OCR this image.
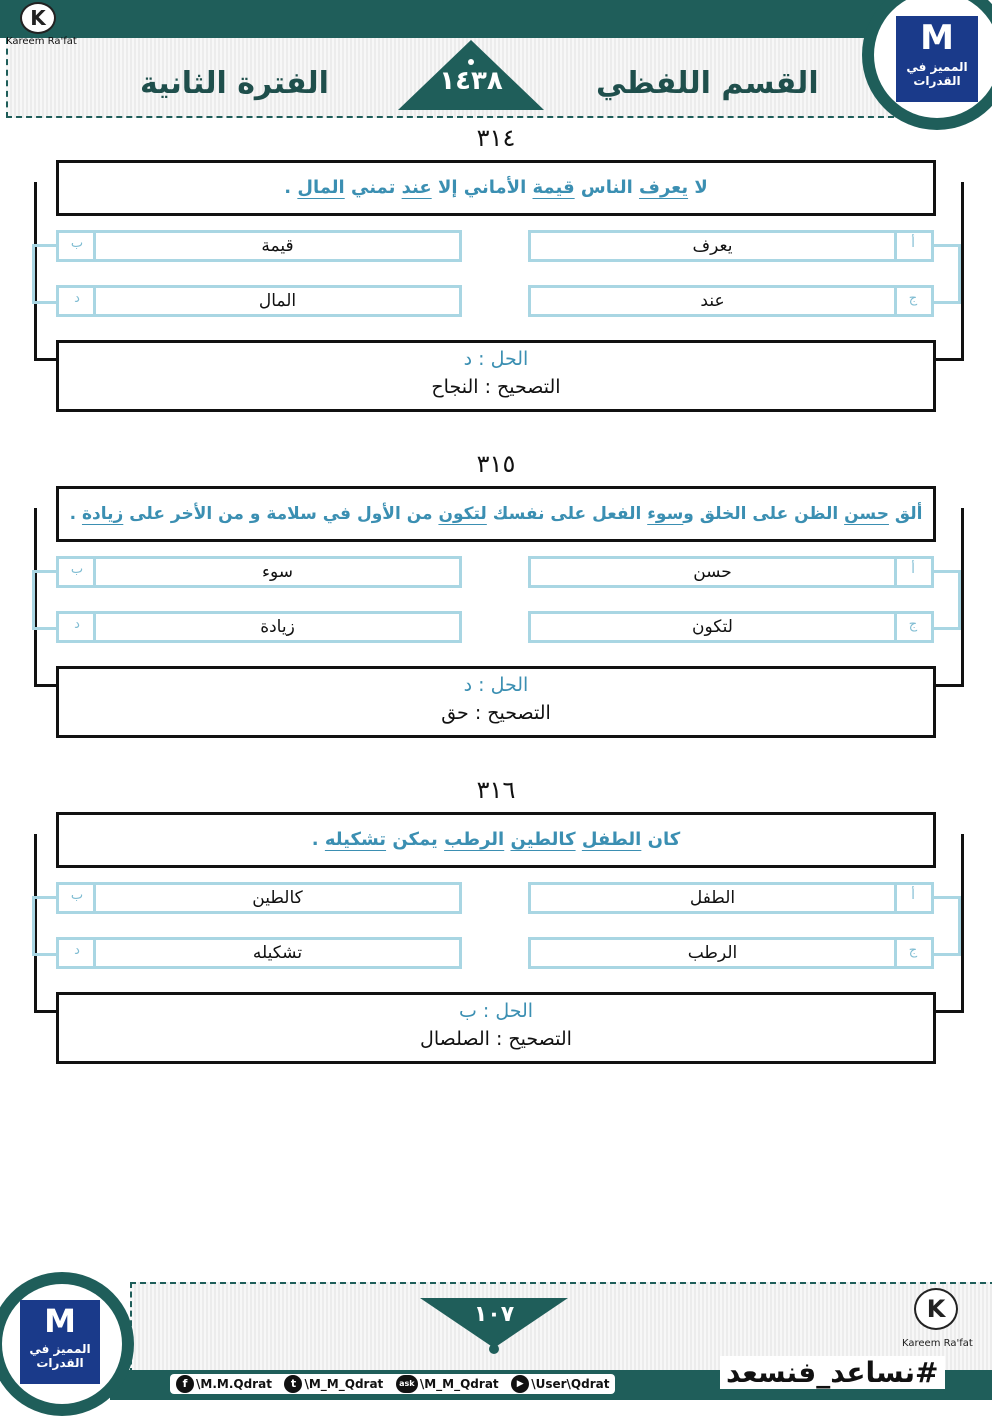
K
Kareem Ra'fat
الفترة الثانية	١٤٣٨	القسم اللفظي
M
المميز في القدرات
٣١٤
لا يعرف الناس قيمة الأماني إلا عند تمني المال .
ب	قيمة	يعرف	أ
د	المال	عند	ج
الحل : د
التصحيح : النجاح
٣١٥
ألق حسن الظن على الخلق وسوء الفعل على نفسك لتكون من الأول في سلامة و من الأخر على زيادة .
ب	سوء	حسن	أ
د	زيادة	لتكون	ج
الحل : د
التصحيح : حق
٣١٦
كان الطفل كالطين الرطب يمكن تشكيله .
ب	كالطين	الطفل	أ
د	تشكيله	الرطب	ج
الحل : ب
التصحيح : الصلصال
M
المميز في القدرات
١٠٧	K
Kareem Ra'fat
#نساعد_فنسعد
f \M.M.Qdrat t \M_M_Qdrat ask \M_M_Qdrat ▶ \User\Qdrat
